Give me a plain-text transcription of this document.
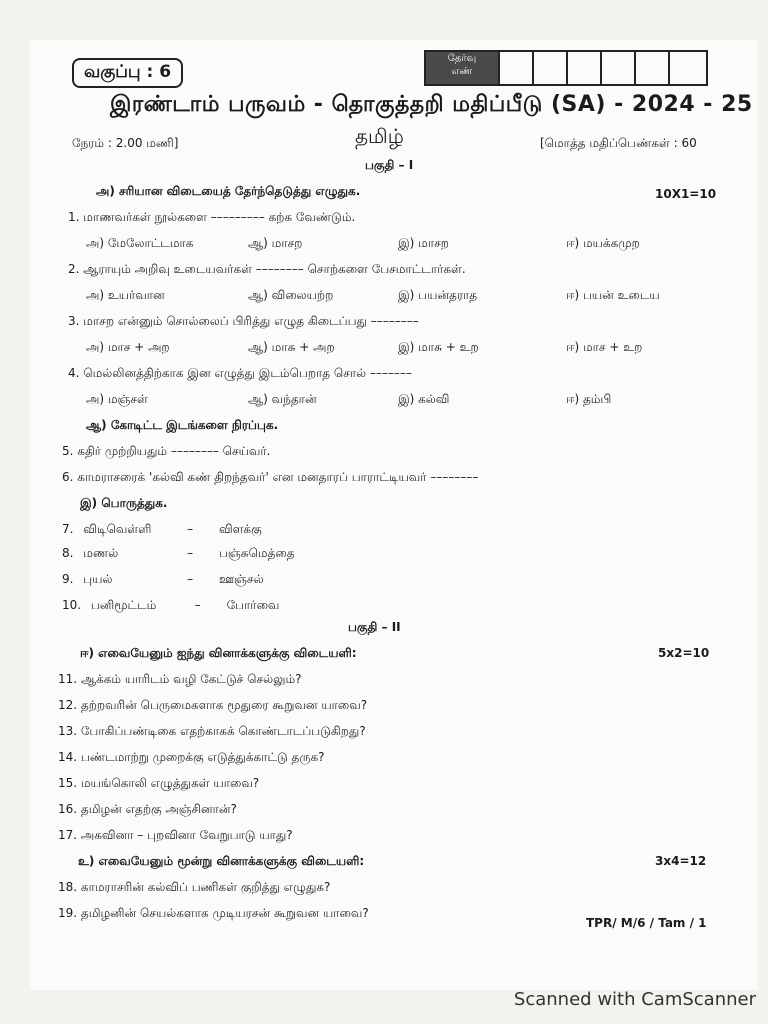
வகுப்பு : 6
தேர்வு
எண்
இரண்டாம் பருவம் - தொகுத்தறி மதிப்பீடு (SA) - 2024 - 25
நேரம் : 2.00 மணி]	தமிழ்	[மொத்த மதிப்பெண்கள் : 60
பகுதி – I
அ) சரியான விடையைத் தேர்ந்தெடுத்து எழுதுக.	10X1=10
1. மாணவர்கள் நூல்களை ––––––––– கற்க வேண்டும்.
அ) மேலோட்டமாக	ஆ) மாசற	இ) மாசற	ஈ) மயக்கமுற
2. ஆராயும் அறிவு உடையவர்கள் –––––––– சொற்களை பேசமாட்டார்கள்.
அ) உயர்வான	ஆ) விலையற்ற	இ) பயன்தராத	ஈ) பயன் உடைய
3. மாசற என்னும் சொல்லைப் பிரித்து எழுத கிடைப்பது ––––––––
அ) மாச + அற	ஆ) மாசு + அற	இ) மாசு + உற	ஈ) மாச + உற
4. மெல்லினத்திற்காக இன எழுத்து இடம்பெறாத சொல் –––––––
அ) மஞ்சள்	ஆ) வந்தான்	இ) கல்வி	ஈ) தம்பி
ஆ) கோடிட்ட இடங்களை நிரப்புக.
5. கதிர் முற்றியதும் –––––––– செய்வர்.
6. காமராசரைக் 'கல்வி கண் திறந்தவர்' என மனதாரப் பாராட்டியவர் ––––––––
இ) பொருத்துக.
7. விடிவெள்ளி	– விளக்கு
8. மணல்	– பஞ்சுமெத்தை
9. புயல்	– ஊஞ்சல்
10. பனிமூட்டம்	– போர்வை
பகுதி – II
ஈ) எவையேனும் ஐந்து வினாக்களுக்கு விடையளி:	5x2=10
11. ஆக்கம் யாரிடம் வழி கேட்டுச் செல்லும்?
12. தற்றவரின் பெருமைகளாக மூதுரை கூறுவன யாவை?
13. போகிப்பண்டிகை எதற்காகக் கொண்டாடப்படுகிறது?
14. பண்டமாற்று முறைக்கு எடுத்துக்காட்டு தருக?
15. மயங்கொலி எழுத்துகள் யாவை?
16. தமிழன் எதற்கு அஞ்சினான்?
17. அகவினா – புறவினா வேறுபாடு யாது?
உ) எவையேனும் மூன்று வினாக்களுக்கு விடையளி:	3x4=12
18. காமராசரின் கல்விப் பணிகள் குறித்து எழுதுக?
19. தமிழனின் செயல்களாக முடியரசன் கூறுவன யாவை?
TPR/ M/6 / Tam / 1
Scanned with CamScanner
